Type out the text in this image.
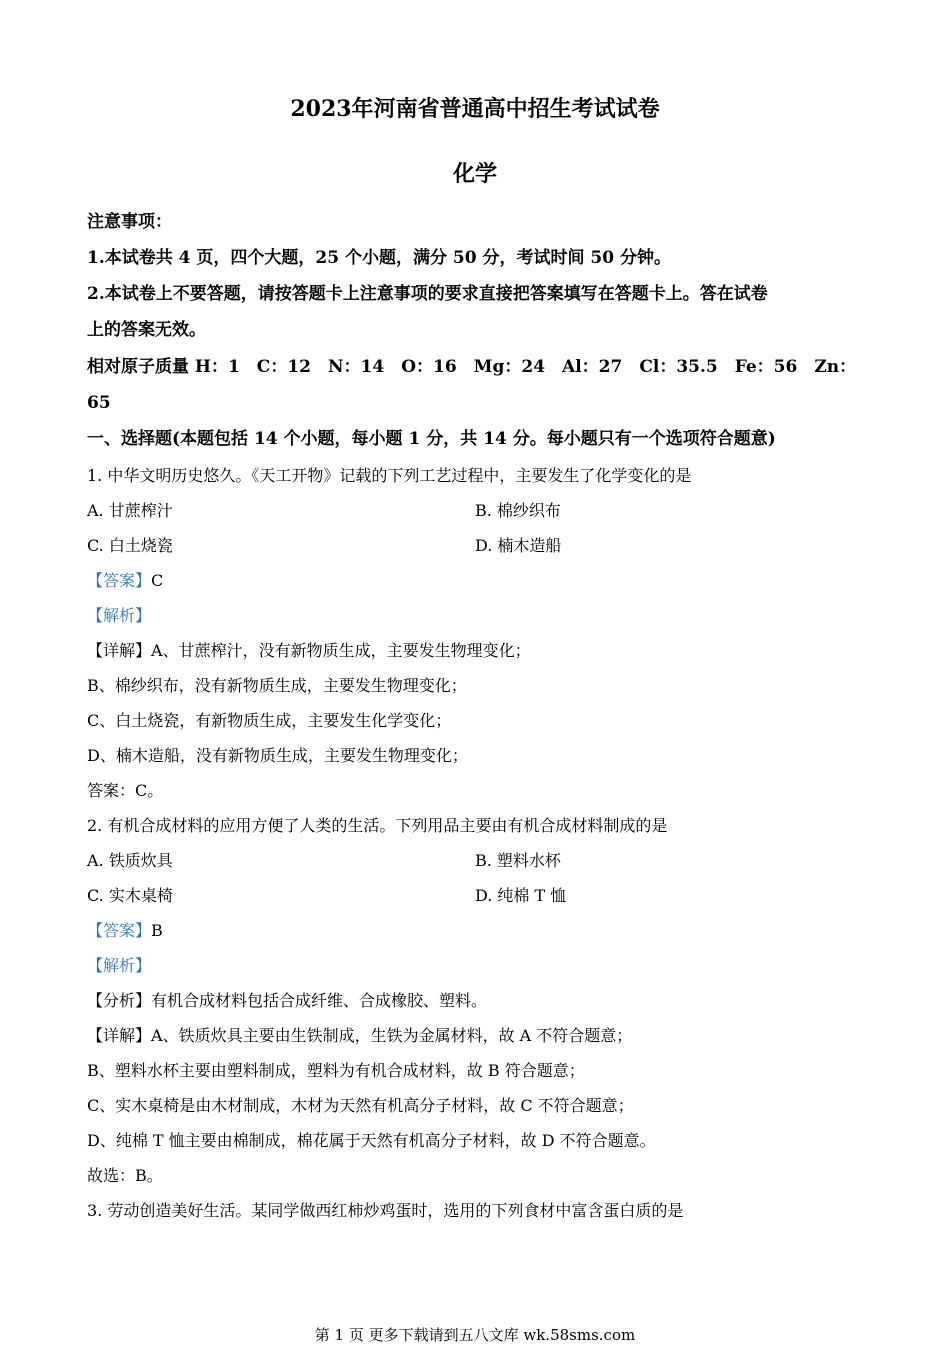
2023年河南省普通高中招生考试试卷
化学
注意事项：
1.本试卷共 4 页，四个大题，25 个小题，满分 50 分，考试时间 50 分钟。
2.本试卷上不要答题，请按答题卡上注意事项的要求直接把答案填写在答题卡上。答在试卷
上的答案无效。
相对原子质量 H：1　C：12　N：14　O：16　Mg：24　Al：27　Cl：35.5　Fe：56　Zn：
65
一、选择题(本题包括 14 个小题，每小题 1 分，共 14 分。每小题只有一个选项符合题意)
1. 中华文明历史悠久。《天工开物》记载的下列工艺过程中，主要发生了化学变化的是
A. 甘蔗榨汁	B. 棉纱织布
C. 白土烧瓷	D. 楠木造船
【答案】C
【解析】
【详解】A、甘蔗榨汁，没有新物质生成，主要发生物理变化；
B、棉纱织布，没有新物质生成，主要发生物理变化；
C、白土烧瓷，有新物质生成，主要发生化学变化；
D、楠木造船，没有新物质生成，主要发生物理变化；
答案：C。
2. 有机合成材料的应用方便了人类的生活。下列用品主要由有机合成材料制成的是
A. 铁质炊具	B. 塑料水杯
C. 实木桌椅	D. 纯棉 T 恤
【答案】B
【解析】
【分析】有机合成材料包括合成纤维、合成橡胶、塑料。
【详解】A、铁质炊具主要由生铁制成，生铁为金属材料，故 A 不符合题意；
B、塑料水杯主要由塑料制成，塑料为有机合成材料，故 B 符合题意；
C、实木桌椅是由木材制成，木材为天然有机高分子材料，故 C 不符合题意；
D、纯棉 T 恤主要由棉制成，棉花属于天然有机高分子材料，故 D 不符合题意。
故选：B。
3. 劳动创造美好生活。某同学做西红柿炒鸡蛋时，选用的下列食材中富含蛋白质的是
第 1 页 更多下载请到五八文库 wk.58sms.com
